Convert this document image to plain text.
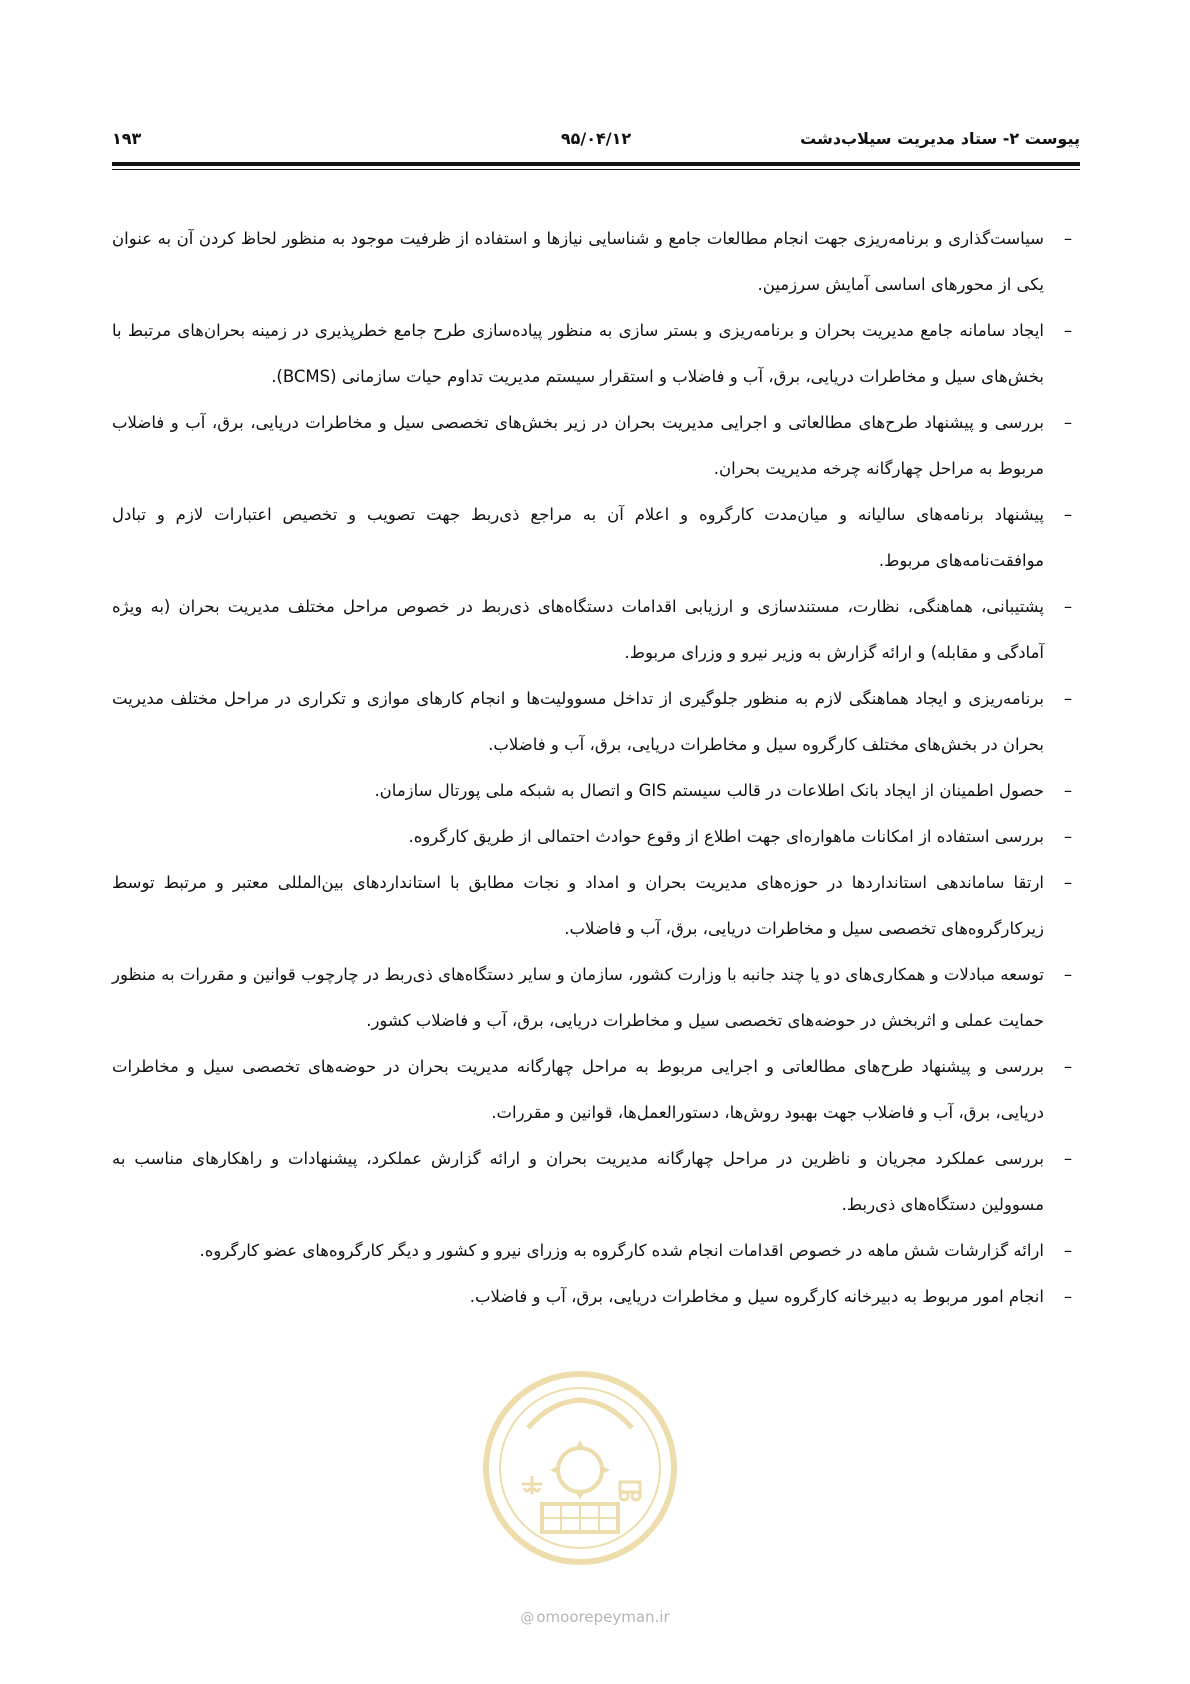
پیوست ۲- ستاد مدیریت سیلاب‌دشت
۹۵/۰۴/۱۲
۱۹۳
–
سیاست‌گذاری و برنامه‌ریزی جهت انجام مطالعات جامع و شناسایی نیازها و استفاده از ظرفیت موجود به منظور لحاظ کردن آن به عنوان یکی از محورهای اساسی آمایش سرزمین.
–
ایجاد سامانه جامع مدیریت بحران و برنامه‌ریزی و بستر سازی به منظور پیاده‌سازی طرح جامع خطرپذیری در زمینه بحران‌های مرتبط با بخش‌های سیل و مخاطرات دریایی، برق، آب و فاضلاب و استقرار سیستم مدیریت تداوم حیات سازمانی (BCMS).
–
بررسی و پیشنهاد طرح‌های مطالعاتی و اجرایی مدیریت بحران در زیر بخش‌های تخصصی سیل و مخاطرات دریایی، برق، آب و فاضلاب مربوط به مراحل چهارگانه چرخه مدیریت بحران.
–
پیشنهاد برنامه‌های سالیانه و میان‌مدت کارگروه و اعلام آن به مراجع ذی‌ربط جهت تصویب و تخصیص اعتبارات لازم و تبادل موافقت‌نامه‌های مربوط.
–
پشتیبانی، هماهنگی، نظارت، مستندسازی و ارزیابی اقدامات دستگاه‌های ذی‌ربط در خصوص مراحل مختلف مدیریت بحران (به ویژه آمادگی و مقابله) و ارائه گزارش به وزیر نیرو و وزرای مربوط.
–
برنامه‌ریزی و ایجاد هماهنگی لازم به منظور جلوگیری از تداخل مسوولیت‌ها و انجام کارهای موازی و تکراری در مراحل مختلف مدیریت بحران در بخش‌های مختلف کارگروه سیل و مخاطرات دریایی، برق، آب و فاضلاب.
–
حصول اطمینان از ایجاد بانک اطلاعات در قالب سیستم GIS و اتصال به شبکه ملی پورتال سازمان.
–
بررسی استفاده از امکانات ماهواره‌ای جهت اطلاع از وقوع حوادث احتمالی از طریق کارگروه.
–
ارتقا ساماندهی استانداردها در حوزه‌های مدیریت بحران و امداد و نجات مطابق با استانداردهای بین‌المللی معتبر و مرتبط توسط زیرکارگروه‌های تخصصی سیل و مخاطرات دریایی، برق، آب و فاضلاب.
–
توسعه مبادلات و همکاری‌های دو یا چند جانبه با وزارت کشور، سازمان و سایر دستگاه‌های ذی‌ربط در چارچوب قوانین و مقررات به منظور حمایت عملی و اثربخش در حوضه‌های تخصصی سیل و مخاطرات دریایی، برق، آب و فاضلاب کشور.
–
بررسی و پیشنهاد طرح‌های مطالعاتی و اجرایی مربوط به مراحل چهارگانه مدیریت بحران در حوضه‌های تخصصی سیل و مخاطرات دریایی، برق، آب و فاضلاب جهت بهبود روش‌ها، دستورالعمل‌ها، قوانین و مقررات.
–
بررسی عملکرد مجریان و ناظرین در مراحل چهارگانه مدیریت بحران و ارائه گزارش عملکرد، پیشنهادات و راهکارهای مناسب به مسوولین دستگاه‌های ذی‌ربط.
–
ارائه گزارشات شش ماهه در خصوص اقدامات انجام شده کارگروه به وزرای نیرو و کشور و دیگر کارگروه‌های عضو کارگروه.
–
انجام امور مربوط به دبیرخانه کارگروه سیل و مخاطرات دریایی، برق، آب و فاضلاب.
@ omoorepeyman.ir
